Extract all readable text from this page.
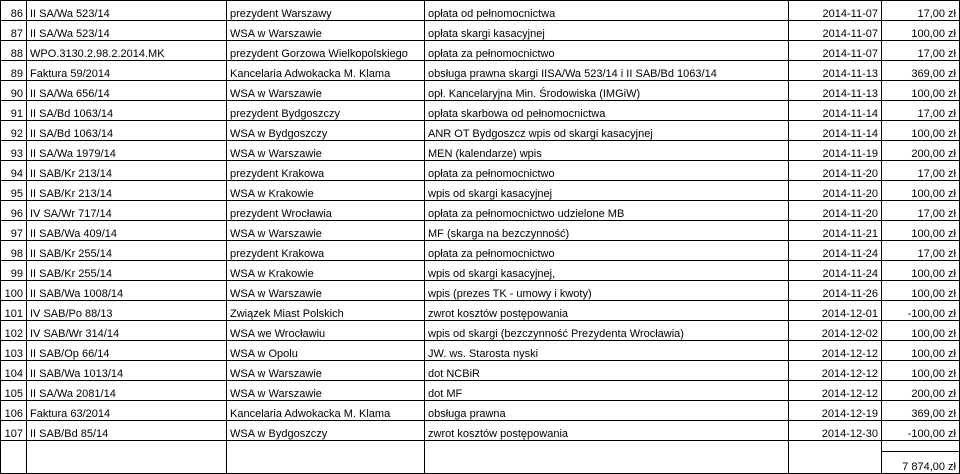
86	II SA/Wa 523/14	prezydent Warszawy	opłata od pełnomocnictwa	2014-11-07	17,00 zł
87	II SA/Wa 523/14	WSA w Warszawie	opłata skargi kasacyjnej	2014-11-07	100,00 zł
88	WPO.3130.2.98.2.2014.MK	prezydent Gorzowa Wielkopolskiego	opłata za pełnomocnictwo	2014-11-07	17,00 zł
89	Faktura 59/2014	Kancelaria Adwokacka M. Klama	obsługa prawna skargi IISA/Wa 523/14 i II SAB/Bd 1063/14	2014-11-13	369,00 zł
90	II SA/Wa 656/14	WSA w Warszawie	opł. Kancelaryjna Min. Środowiska (IMGiW)	2014-11-13	100,00 zł
91	II SA/Bd 1063/14	prezydent Bydgoszczy	opłata skarbowa od pełnomocnictwa	2014-11-14	17,00 zł
92	II SA/Bd 1063/14	WSA w Bydgoszczy	ANR OT Bydgoszcz wpis od skargi kasacyjnej	2014-11-14	100,00 zł
93	II SA/Wa 1979/14	WSA w Warszawie	MEN (kalendarze) wpis	2014-11-19	200,00 zł
94	II SAB/Kr 213/14	prezydent Krakowa	opłata za pełnomocnictwo	2014-11-20	17,00 zł
95	II SAB/Kr 213/14	WSA w Krakowie	wpis od skargi kasacyjnej	2014-11-20	100,00 zł
96	IV SA/Wr 717/14	prezydent Wrocławia	opłata za pełnomocnictwo udzielone MB	2014-11-20	17,00 zł
97	II SAB/Wa 409/14	WSA w Warszawie	MF (skarga na bezczynność)	2014-11-21	100,00 zł
98	II SAB/Kr 255/14	prezydent Krakowa	opłata za pełnomocnictwo	2014-11-24	17,00 zł
99	II SAB/Kr 255/14	WSA w Krakowie	wpis od skargi kasacyjnej,	2014-11-24	100,00 zł
100	II SAB/Wa 1008/14	WSA w Warszawie	wpis (prezes TK - umowy i kwoty)	2014-11-26	100,00 zł
101	IV SAB/Po 88/13	Związek Miast Polskich	zwrot kosztów postępowania	2014-12-01	-100,00 zł
102	IV SAB/Wr 314/14	WSA we Wrocławiu	wpis od skargi (bezczynność Prezydenta Wrocławia)	2014-12-02	100,00 zł
103	II SAB/Op 66/14	WSA w Opolu	JW. ws. Starosta nyski	2014-12-12	100,00 zł
104	II SAB/Wa 1013/14	WSA w Warszawie	dot NCBiR	2014-12-12	100,00 zł
105	II SA/Wa 2081/14	WSA w Warszawie	dot MF	2014-12-12	200,00 zł
106	Faktura 63/2014	Kancelaria Adwokacka M. Klama	obsługa prawna	2014-12-19	369,00 zł
107	II SAB/Bd 85/14	WSA w Bydgoszczy	zwrot kosztów postępowania	2014-12-30	-100,00 zł

					7 874,00 zł
